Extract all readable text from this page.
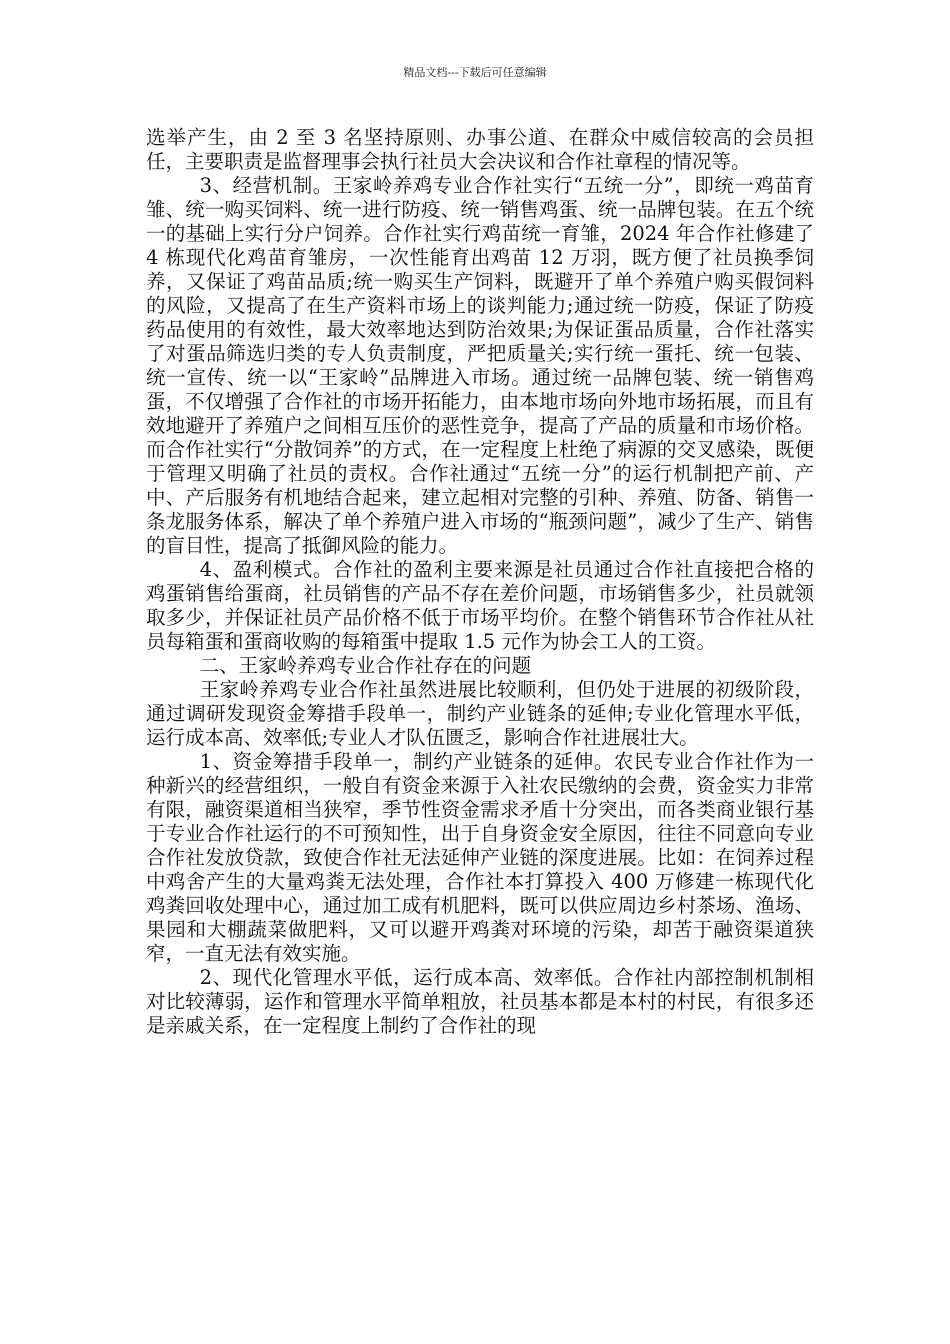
精品文档---下载后可任意编辑

选举产生，由 2 至 3 名坚持原则、办事公道、在群众中威信较高的会员担任，主要职责是监督理事会执行社员大会决议和合作社章程的情况等。

3、经营机制。王家岭养鸡专业合作社实行“五统一分”，即统一鸡苗育雏、统一购买饲料、统一进行防疫、统一销售鸡蛋、统一品牌包装。在五个统一的基础上实行分户饲养。合作社实行鸡苗统一育雏，2024 年合作社修建了 4 栋现代化鸡苗育雏房，一次性能育出鸡苗 12 万羽，既方便了社员换季饲养，又保证了鸡苗品质;统一购买生产饲料，既避开了单个养殖户购买假饲料的风险，又提高了在生产资料市场上的谈判能力;通过统一防疫，保证了防疫药品使用的有效性，最大效率地达到防治效果;为保证蛋品质量，合作社落实了对蛋品筛选归类的专人负责制度，严把质量关;实行统一蛋托、统一包装、统一宣传、统一以“王家岭”品牌进入市场。通过统一品牌包装、统一销售鸡蛋，不仅增强了合作社的市场开拓能力，由本地市场向外地市场拓展，而且有效地避开了养殖户之间相互压价的恶性竞争，提高了产品的质量和市场价格。而合作社实行“分散饲养”的方式，在一定程度上杜绝了病源的交叉感染，既便于管理又明确了社员的责权。合作社通过“五统一分”的运行机制把产前、产中、产后服务有机地结合起来，建立起相对完整的引种、养殖、防备、销售一条龙服务体系，解决了单个养殖户进入市场的“瓶颈问题”，减少了生产、销售的盲目性，提高了抵御风险的能力。

4、盈利模式。合作社的盈利主要来源是社员通过合作社直接把合格的鸡蛋销售给蛋商，社员销售的产品不存在差价问题，市场销售多少，社员就领取多少，并保证社员产品价格不低于市场平均价。在整个销售环节合作社从社员每箱蛋和蛋商收购的每箱蛋中提取 1.5 元作为协会工人的工资。

二、王家岭养鸡专业合作社存在的问题

王家岭养鸡专业合作社虽然进展比较顺利，但仍处于进展的初级阶段，通过调研发现资金筹措手段单一，制约产业链条的延伸;专业化管理水平低，运行成本高、效率低;专业人才队伍匮乏，影响合作社进展壮大。

1、资金筹措手段单一，制约产业链条的延伸。农民专业合作社作为一种新兴的经营组织，一般自有资金来源于入社农民缴纳的会费，资金实力非常有限，融资渠道相当狭窄，季节性资金需求矛盾十分突出，而各类商业银行基于专业合作社运行的不可预知性，出于自身资金安全原因，往往不同意向专业合作社发放贷款，致使合作社无法延伸产业链的深度进展。比如：在饲养过程中鸡舍产生的大量鸡粪无法处理，合作社本打算投入 400 万修建一栋现代化鸡粪回收处理中心，通过加工成有机肥料，既可以供应周边乡村茶场、渔场、果园和大棚蔬菜做肥料，又可以避开鸡粪对环境的污染，却苦于融资渠道狭窄，一直无法有效实施。

2、现代化管理水平低，运行成本高、效率低。合作社内部控制机制相对比较薄弱，运作和管理水平简单粗放，社员基本都是本村的村民，有很多还是亲戚关系，在一定程度上制约了合作社的现
